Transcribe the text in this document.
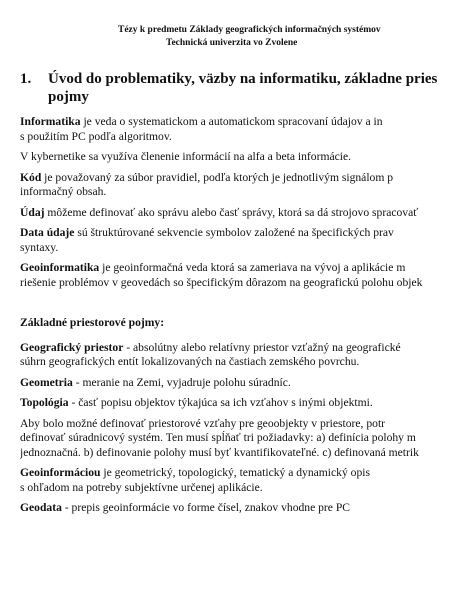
Tézy k predmetu Základy geografických informačných systémov
Technická univerzita vo Zvolene
1. Úvod do problematiky, väzby na informatiku, základne pries
pojmy
Informatika je veda o systematickom a automatickom spracovaní údajov a in
s použitím PC podľa algoritmov.
V kybernetike sa využíva členenie informácií na alfa a beta informácie.
Kód je považovaný za súbor pravidiel, podľa ktorých je jednotlivým signálom p
informačný obsah.
Údaj môžeme definovať ako správu alebo časť správy, ktorá sa dá strojovo spracovať
Data údaje sú štruktúrované sekvencie symbolov založené na špecifických prav
syntaxy.
Geoinformatika je geoinformačná veda ktorá sa zameriava na vývoj a aplikácie m
riešenie problémov v geovedách so špecifickým dôrazom na geografickú polohu objek
Základné priestorové pojmy:
Geografický priestor - absolútny alebo relatívny priestor vzťažný na geografické
súhrn geografických entít lokalizovaných na častiach zemského povrchu.
Geometria - meranie na Zemi, vyjadruje polohu súradníc.
Topológia - časť popisu objektov týkajúca sa ich vzťahov s inými objektmi.
Aby bolo možné definovať priestorové vzťahy pre geoobjekty v priestore, potr
definovať súradnicový systém. Ten musí spĺňať tri požiadavky: a) definícia polohy m
jednoznačná. b) definovanie polohy musí byť kvantifikovateľné. c) definovaná metrik
Geoinformáciou je geometrický, topologický, tematický a dynamický opis
s ohľadom na potreby subjektívne určenej aplikácie.
Geodata - prepis geoinformácie vo forme čísel, znakov vhodne pre PC
